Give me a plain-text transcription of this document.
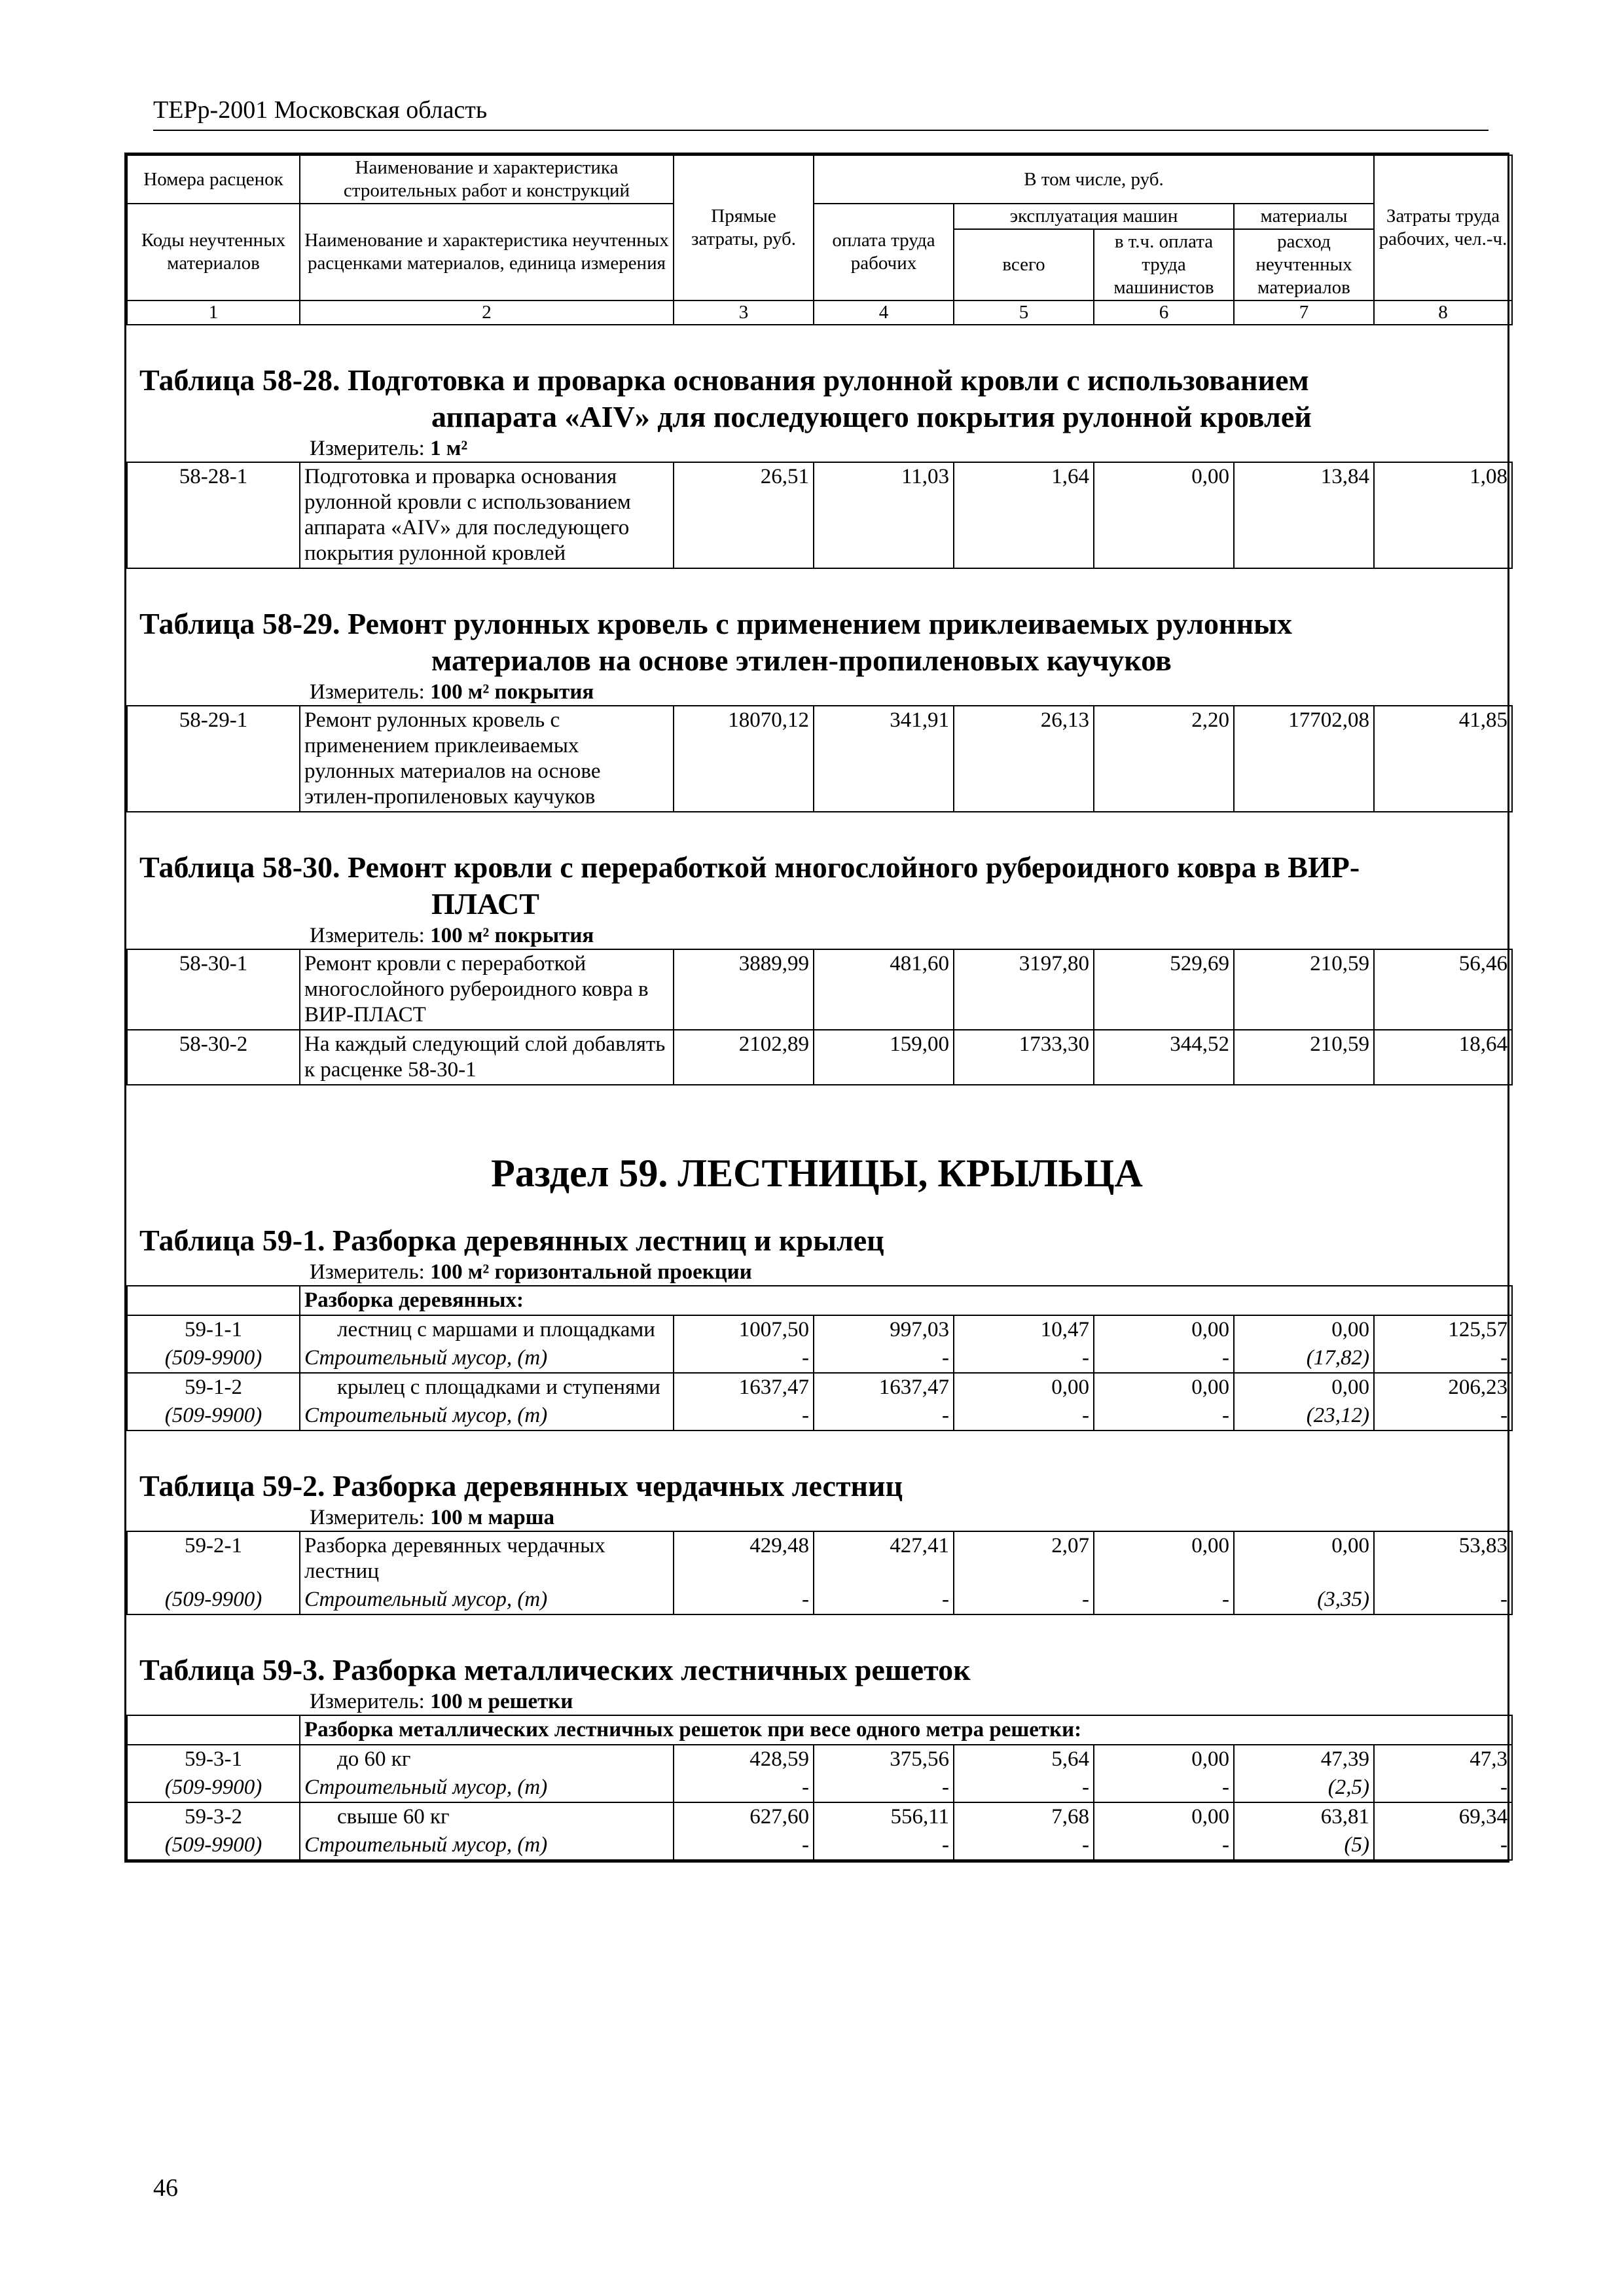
ТЕРр-2001 Московская область
Номера расценок	Наименование и характеристика строительных работ и конструкций	Прямые затраты, руб.	В том числе, руб.				Затраты труда рабочих, чел.-ч.
Коды неучтенных материалов	Наименование и характеристика неучтенных расценками материалов, единица измерения		оплата труда рабочих	эксплуатация машин		материалы	
				всего	в т.ч. оплата труда машинистов	расход неучтенных материалов	
1	2	3	4	5	6	7	8
Таблица 58-28. Подготовка и проварка основания рулонной кровли с использованием
аппарата «AIV» для последующего покрытия рулонной кровлей
Измеритель: 1 м²
58-28-1	Подготовка и проварка основания рулонной кровли с использованием аппарата «AIV» для последующего покрытия рулонной кровлей	26,51	11,03	1,64	0,00	13,84	1,08
Таблица 58-29. Ремонт рулонных кровель с применением приклеиваемых рулонных
материалов на основе этилен-пропиленовых каучуков
Измеритель: 100 м² покрытия
58-29-1	Ремонт рулонных кровель с применением приклеиваемых рулонных материалов на основе этилен-пропиленовых каучуков	18070,12	341,91	26,13	2,20	17702,08	41,85
Таблица 58-30. Ремонт кровли с переработкой многослойного рубероидного ковра в ВИР-
ПЛАСТ
Измеритель: 100 м² покрытия
58-30-1	Ремонт кровли с переработкой многослойного рубероидного ковра в ВИР-ПЛАСТ	3889,99	481,60	3197,80	529,69	210,59	56,46
58-30-2	На каждый следующий слой добавлять к расценке 58-30-1	2102,89	159,00	1733,30	344,52	210,59	18,64
Раздел 59. ЛЕСТНИЦЫ, КРЫЛЬЦА
Таблица 59-1. Разборка деревянных лестниц и крылец
Измеритель: 100 м² горизонтальной проекции
	Разборка деревянных:						
59-1-1	лестниц с маршами и площадками	1007,50	997,03	10,47	0,00	0,00	125,57
(509-9900)	Строительный мусор, (т)	-	-	-	-	(17,82)	-
59-1-2	крылец с площадками и ступенями	1637,47	1637,47	0,00	0,00	0,00	206,23
(509-9900)	Строительный мусор, (т)	-	-	-	-	(23,12)	-
Таблица 59-2. Разборка деревянных чердачных лестниц
Измеритель: 100 м марша
59-2-1	Разборка деревянных чердачных лестниц	429,48	427,41	2,07	0,00	0,00	53,83
(509-9900)	Строительный мусор, (т)	-	-	-	-	(3,35)	-
Таблица 59-3. Разборка металлических лестничных решеток
Измеритель: 100 м решетки
	Разборка металлических лестничных решеток при весе одного метра решетки:						
59-3-1	до 60 кг	428,59	375,56	5,64	0,00	47,39	47,3
(509-9900)	Строительный мусор, (т)	-	-	-	-	(2,5)	-
59-3-2	свыше 60 кг	627,60	556,11	7,68	0,00	63,81	69,34
(509-9900)	Строительный мусор, (т)	-	-	-	-	(5)	-
46
